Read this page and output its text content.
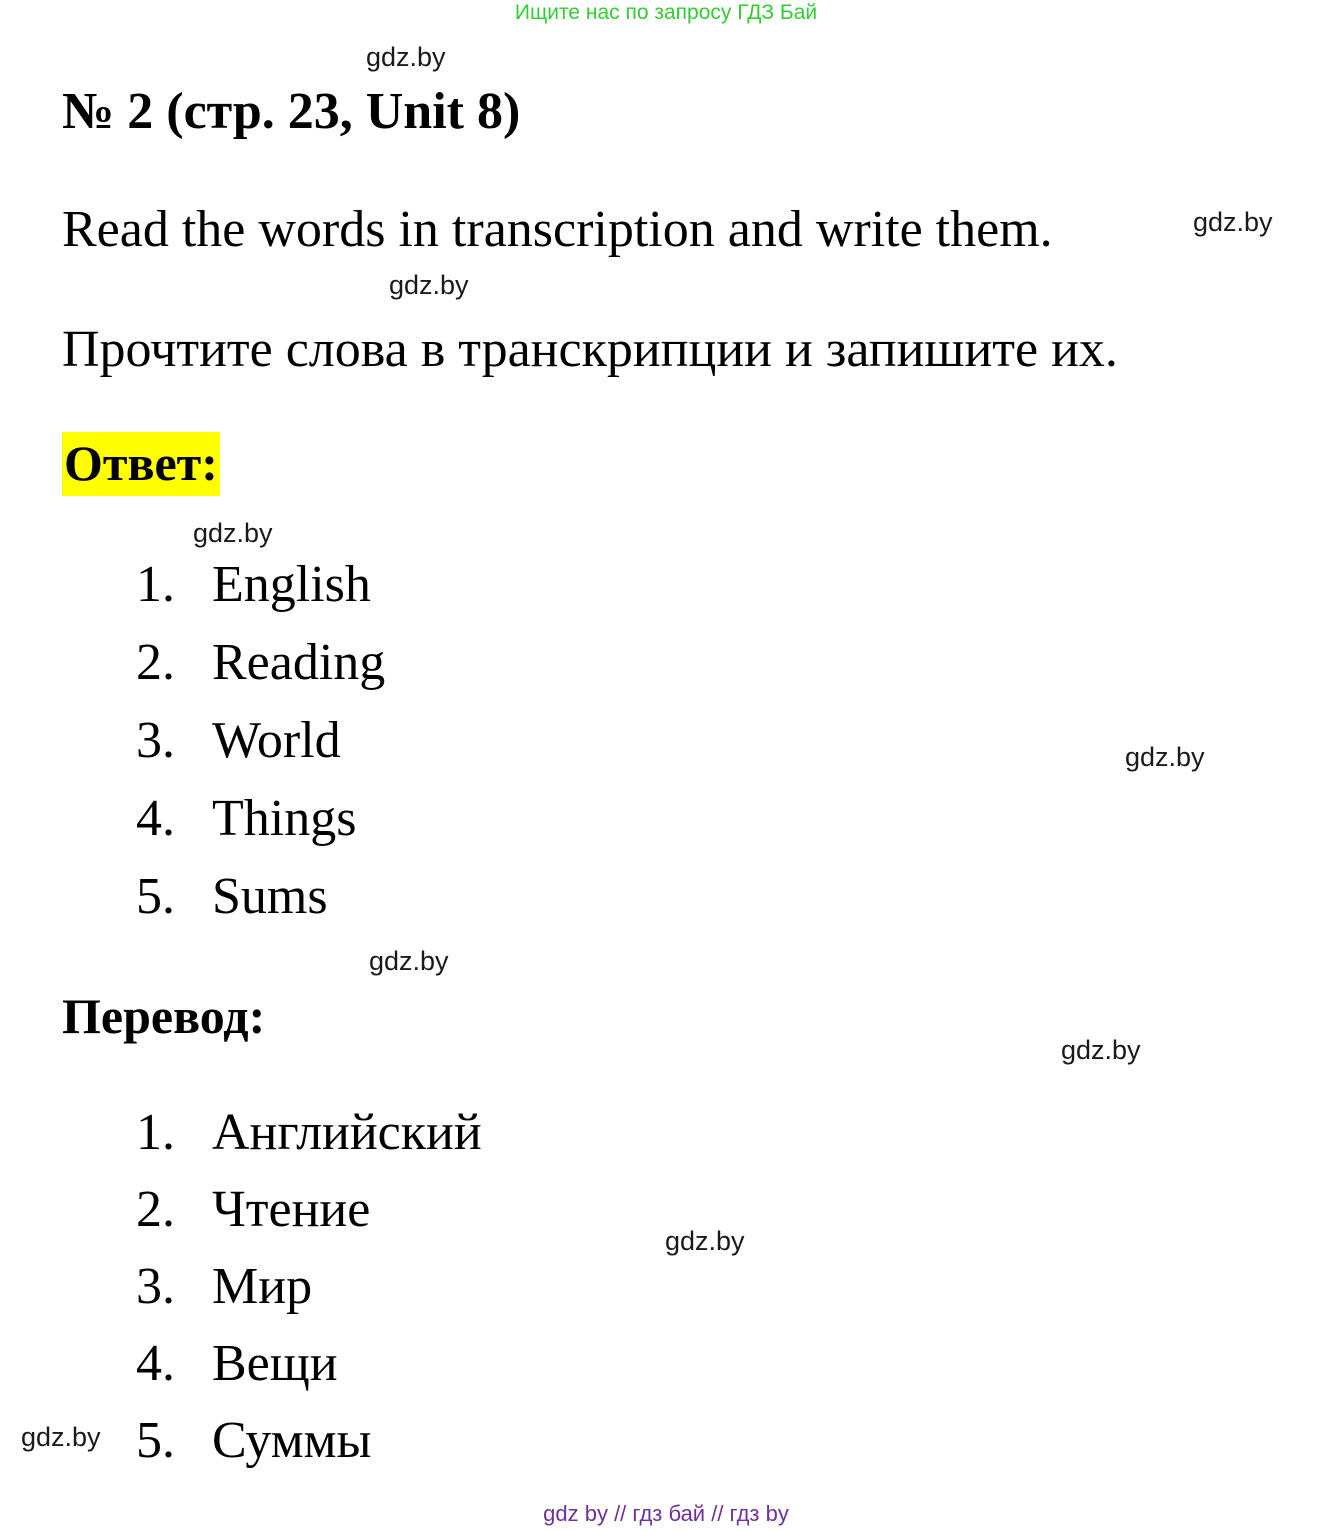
Ищите нас по запросу ГДЗ Бай
№ 2 (стр. 23, Unit 8)
Read the words in transcription and write them.
Прочтите слова в транскрипции и запишите их.
Ответ:
1. English
2. Reading
3. World
4. Things
5. Sums
Перевод:
1. Английский
2. Чтение
3. Мир
4. Вещи
5. Суммы
gdz.by
gdz.by
gdz.by
gdz.by
gdz.by
gdz.by
gdz.by
gdz.by
gdz.by
gdz by // гдз бай // гдз by
